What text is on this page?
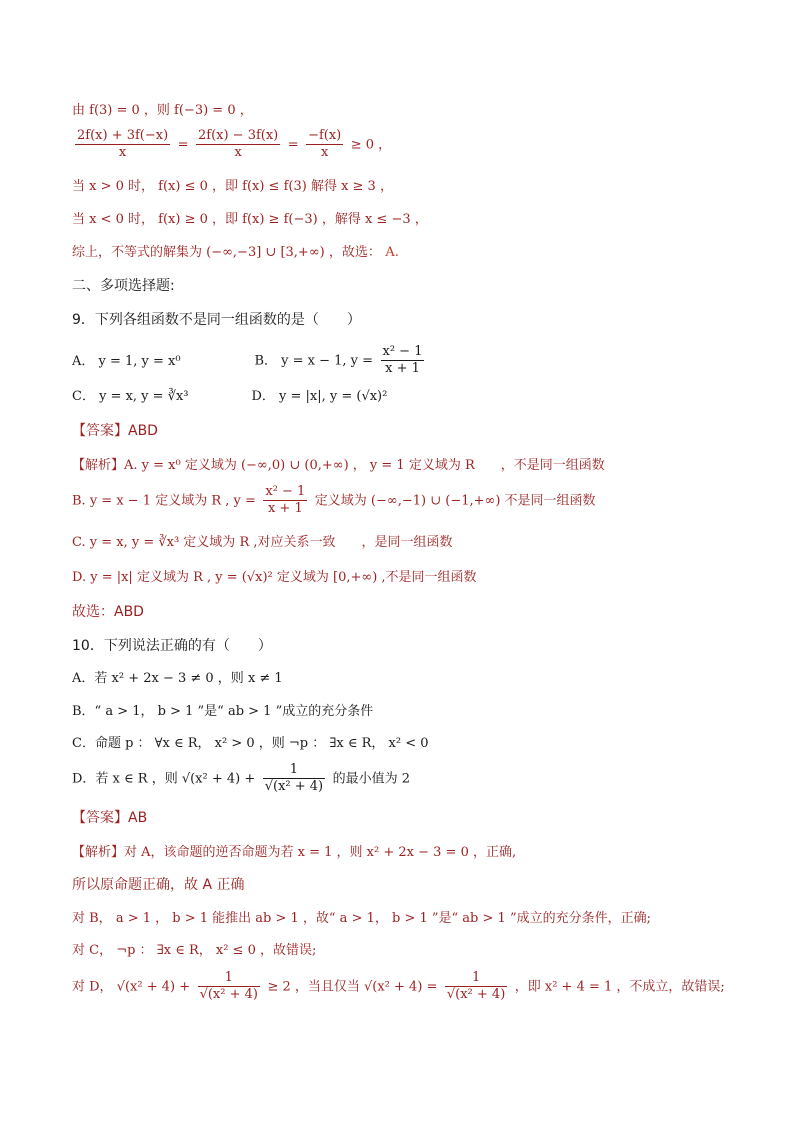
由 f(3) = 0 ，则 f(−3) = 0 ，
$\frac{2f(x) + 3f(-x)}{x} = \frac{2f(x) - 3f(x)}{x} = \frac{-f(x)}{x} \ge 0$ ，
当 x > 0 时， f(x) ≤ 0 ，即 f(x) ≤ f(3) 解得 x ≥ 3 ，
当 x < 0 时， f(x) ≥ 0 ，即 f(x) ≥ f(−3) ，解得 x ≤ −3 ，
综上，不等式的解集为 (−∞,−3] ∪ [3,+∞) ，故选： A.
二、多项选择题:
9．下列各组函数不是同一组函数的是（　　）
A． y = 1, y = x⁰	B． y = x − 1, $y = \frac{\text{x² − 1}}{x + 1}$
C． y = x, y = ∛x³	D． y = |x|, y = (√x)²
【答案】ABD
【解析】A. y = x⁰ 定义域为 (−∞,0) ∪ (0,+∞) ， y = 1 定义域为 R　　，不是同一组函数
B. y = x − 1 定义域为 R , $y = \frac{\text{x² − 1}}{x + 1}$ 定义域为 (−∞,−1) ∪ (−1,+∞) 不是同一组函数
C. y = x, y = ∛x³ 定义域为 R ,对应关系一致　　，是同一组函数
D. y = |x| 定义域为 R , y = (√x)² 定义域为 [0,+∞) ,不是同一组函数
故选：ABD
10．下列说法正确的有（　　）
A．若 x² + 2x − 3 ≠ 0 ，则 x ≠ 1
B．“ a > 1， b > 1 ”是“ ab > 1 ”成立的充分条件
C．命题 p ： ∀x ∈ R， x² > 0 ，则 ¬p ： ∃x ∈ R， x² < 0
D．若 x ∈ R ，则 $√(x^2 + 4) + \frac{1}{\text{√(x² + 4)}}$ 的最小值为 2
【答案】AB
【解析】对 A，该命题的逆否命题为若 x = 1 ，则 x² + 2x − 3 = 0 ，正确,
所以原命题正确，故 A 正确
对 B， a > 1 ， b > 1 能推出 ab > 1 ，故“ a > 1， b > 1 ”是“ ab > 1 ”成立的充分条件，正确;
对 C， ¬p ： ∃x ∈ R， x² ≤ 0 ，故错误;
对 D， $√(x^2 + 4) + \frac{1}{\text{√(x² + 4)}} \ge 2$ ，当且仅当 $√(x^2 + 4) = \frac{1}{\text{√(x² + 4)}}$ ，即 x² + 4 = 1 ，不成立，故错误;
